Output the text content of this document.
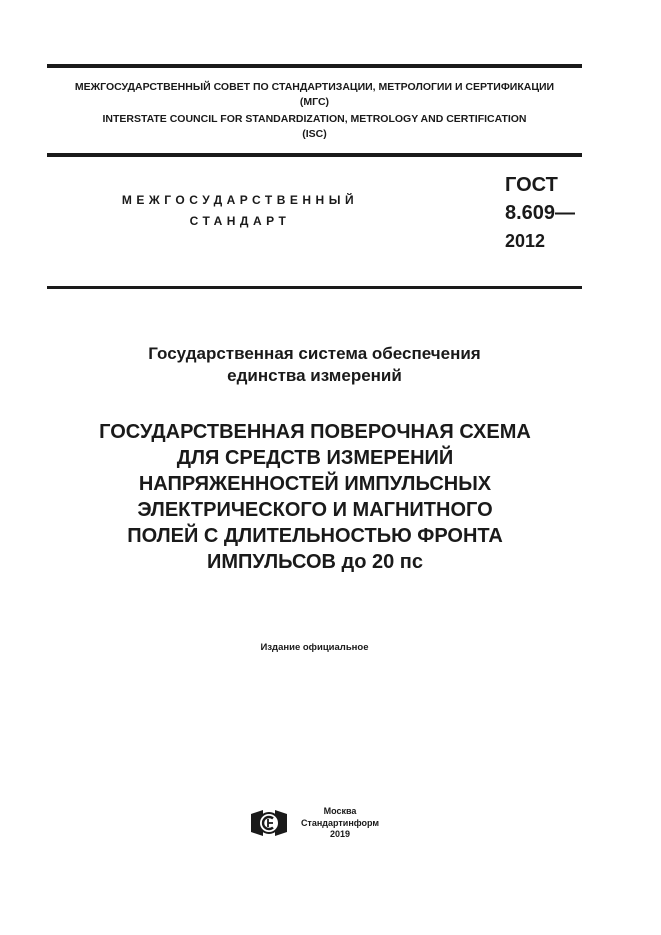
МЕЖГОСУДАРСТВЕННЫЙ СОВЕТ ПО СТАНДАРТИЗАЦИИ, МЕТРОЛОГИИ И СЕРТИФИКАЦИИ
(МГС)
INTERSTATE COUNCIL FOR STANDARDIZATION, METROLOGY AND CERTIFICATION
(ISC)
МЕЖГОСУДАРСТВЕННЫЙ
СТАНДАРТ
ГОСТ
8.609—
2012
Государственная система обеспечения
единства измерений
ГОСУДАРСТВЕННАЯ ПОВЕРОЧНАЯ СХЕМА
ДЛЯ СРЕДСТВ ИЗМЕРЕНИЙ
НАПРЯЖЕННОСТЕЙ ИМПУЛЬСНЫХ
ЭЛЕКТРИЧЕСКОГО И МАГНИТНОГО
ПОЛЕЙ С ДЛИТЕЛЬНОСТЬЮ ФРОНТА
ИМПУЛЬСОВ до 20 пс
Издание официальное
Москва
Стандартинформ
2019
